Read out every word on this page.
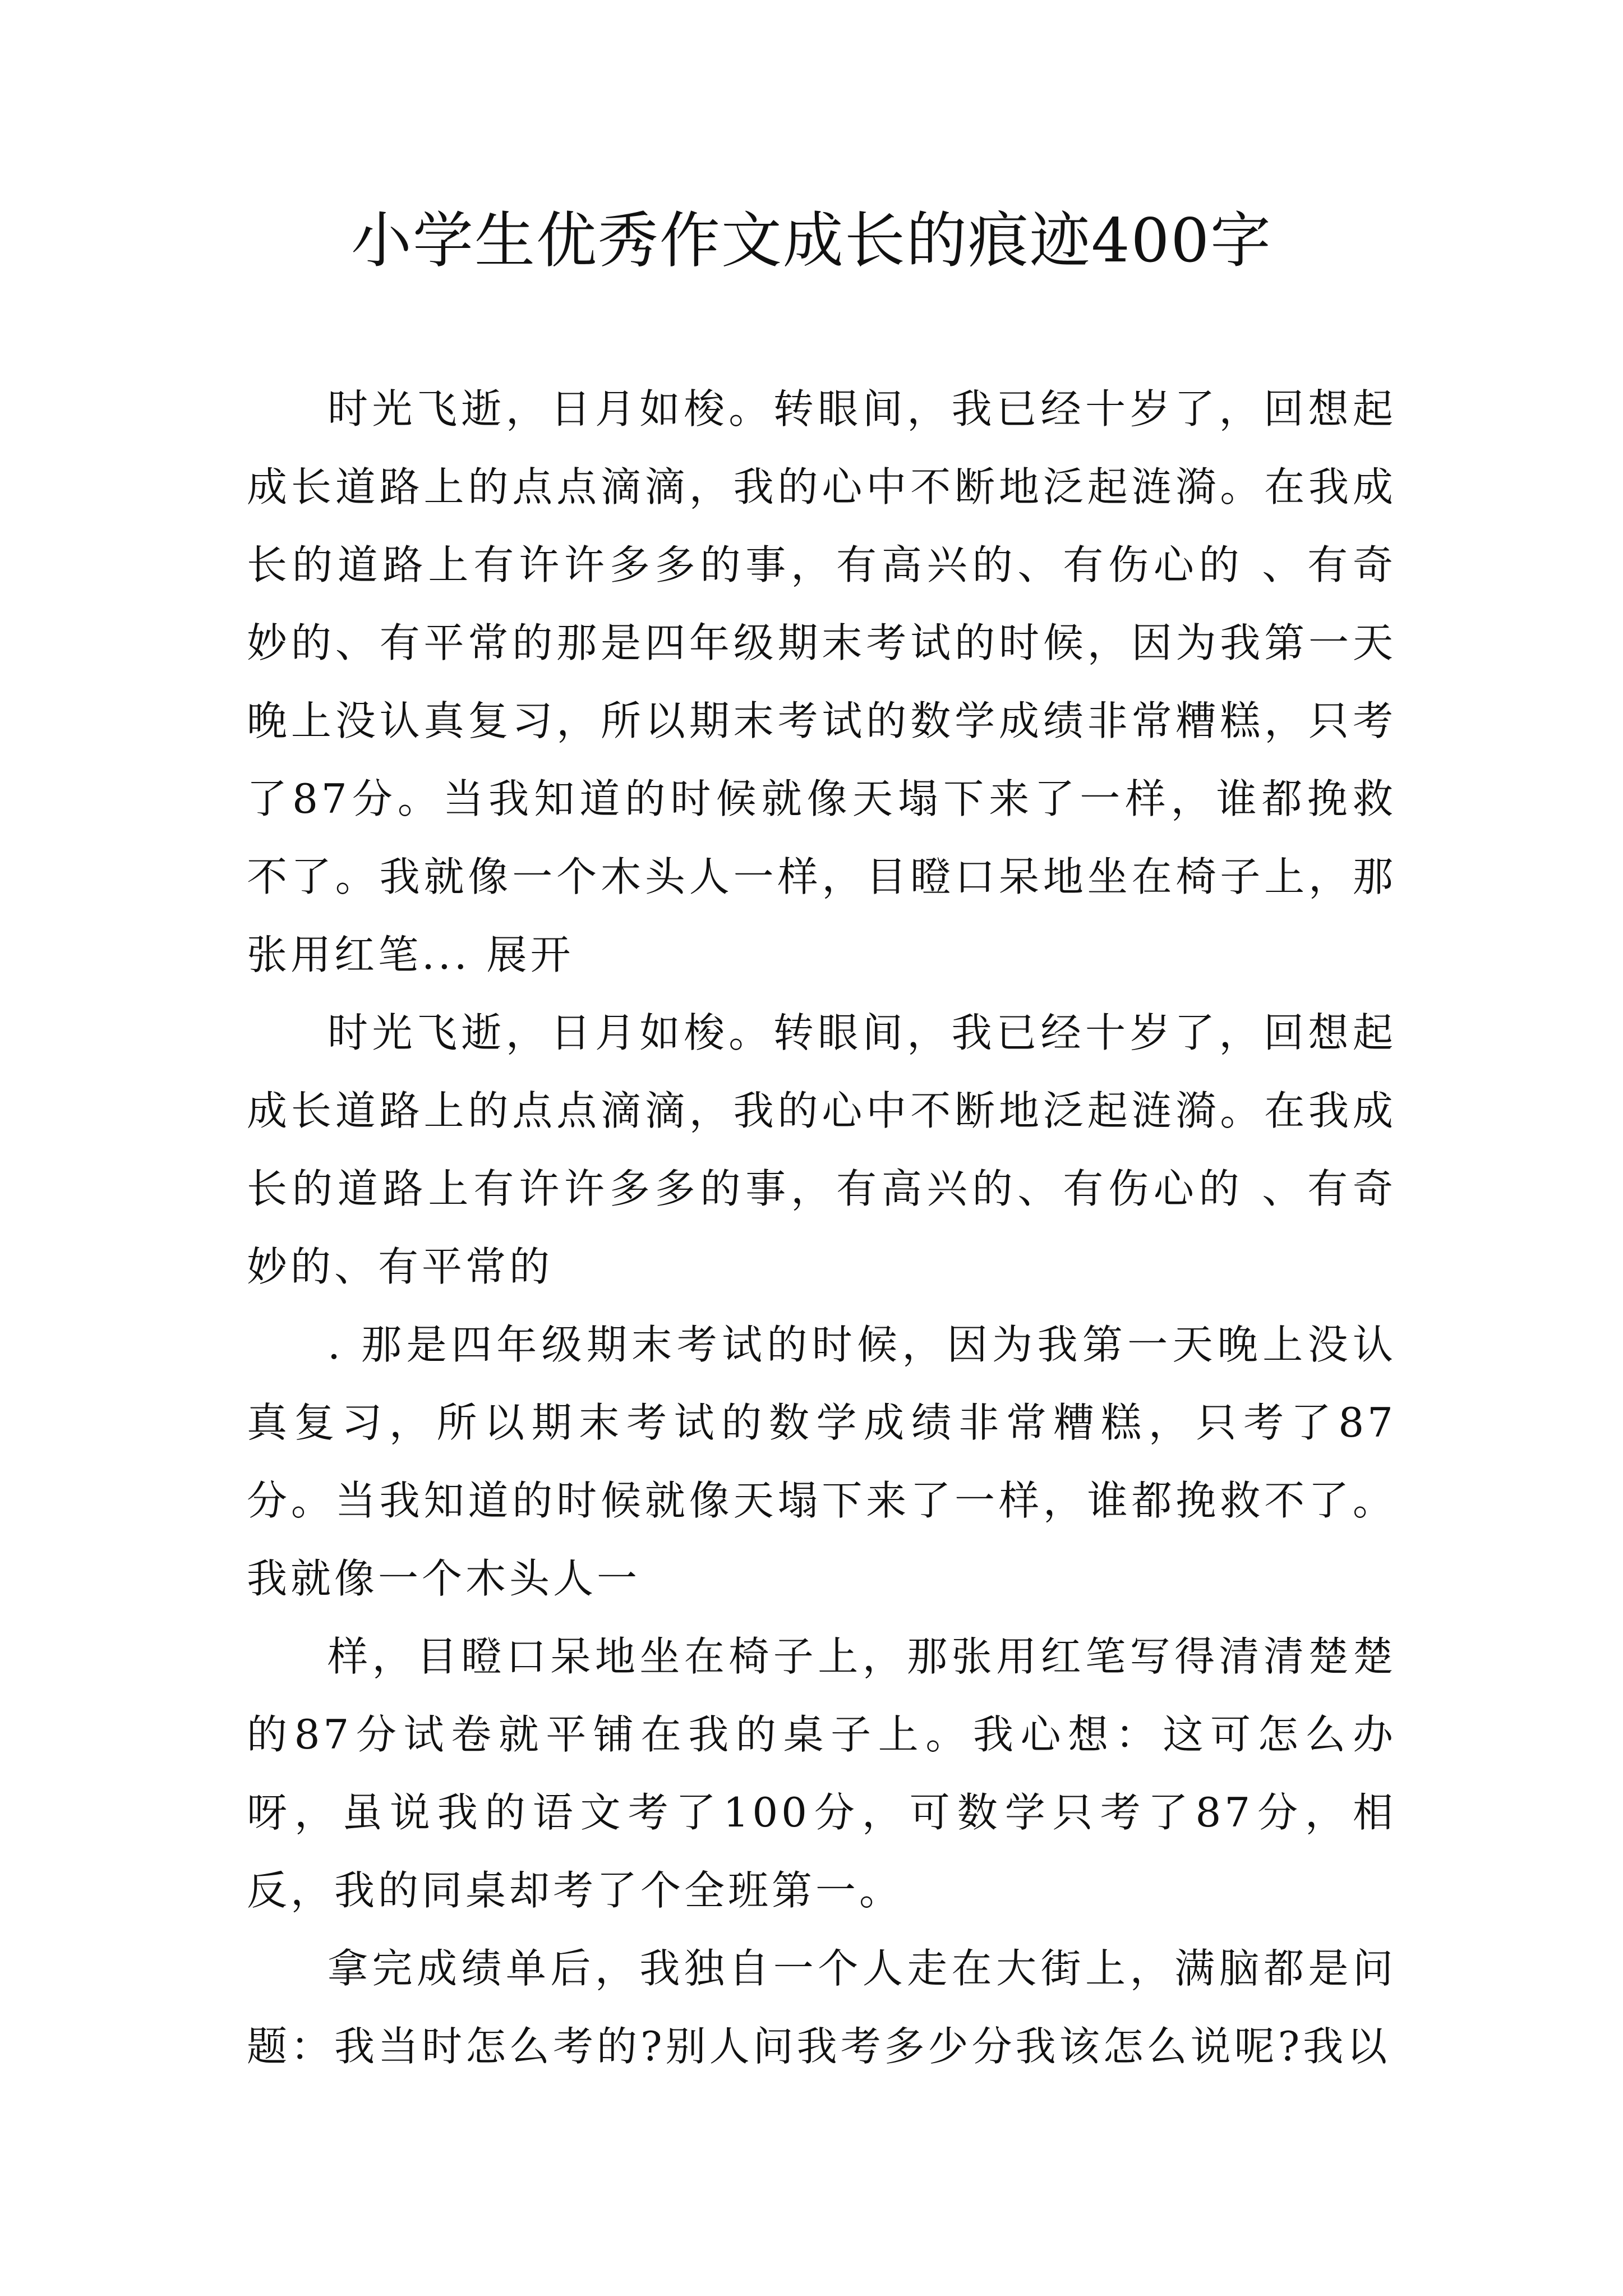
小学生优秀作文成长的痕迹400字

时光飞逝，日月如梭。转眼间，我已经十岁了，回想起成长道路上的点点滴滴，我的心中不断地泛起涟漪。在我成长的道路上有许许多多的事，有高兴的、有伤心的 、有奇妙的、有平常的那是四年级期末考试的时候，因为我第一天晚上没认真复习，所以期末考试的数学成绩非常糟糕，只考了87分。当我知道的时候就像天塌下来了一样，谁都挽救不了。我就像一个木头人一样，目瞪口呆地坐在椅子上，那张用红笔... 展开

时光飞逝，日月如梭。转眼间，我已经十岁了，回想起成长道路上的点点滴滴，我的心中不断地泛起涟漪。在我成长的道路上有许许多多的事，有高兴的、有伤心的 、有奇妙的、有平常的

. 那是四年级期末考试的时候，因为我第一天晚上没认真复习，所以期末考试的数学成绩非常糟糕，只考了87分。当我知道的时候就像天塌下来了一样，谁都挽救不了。我就像一个木头人一

样，目瞪口呆地坐在椅子上，那张用红笔写得清清楚楚的87分试卷就平铺在我的桌子上。我心想：这可怎么办呀，虽说我的语文考了100分，可数学只考了87分，相反，我的同桌却考了个全班第一。

拿完成绩单后，我独自一个人走在大街上，满脑都是问题：我当时怎么考的?别人问我考多少分我该怎么说呢?我以
